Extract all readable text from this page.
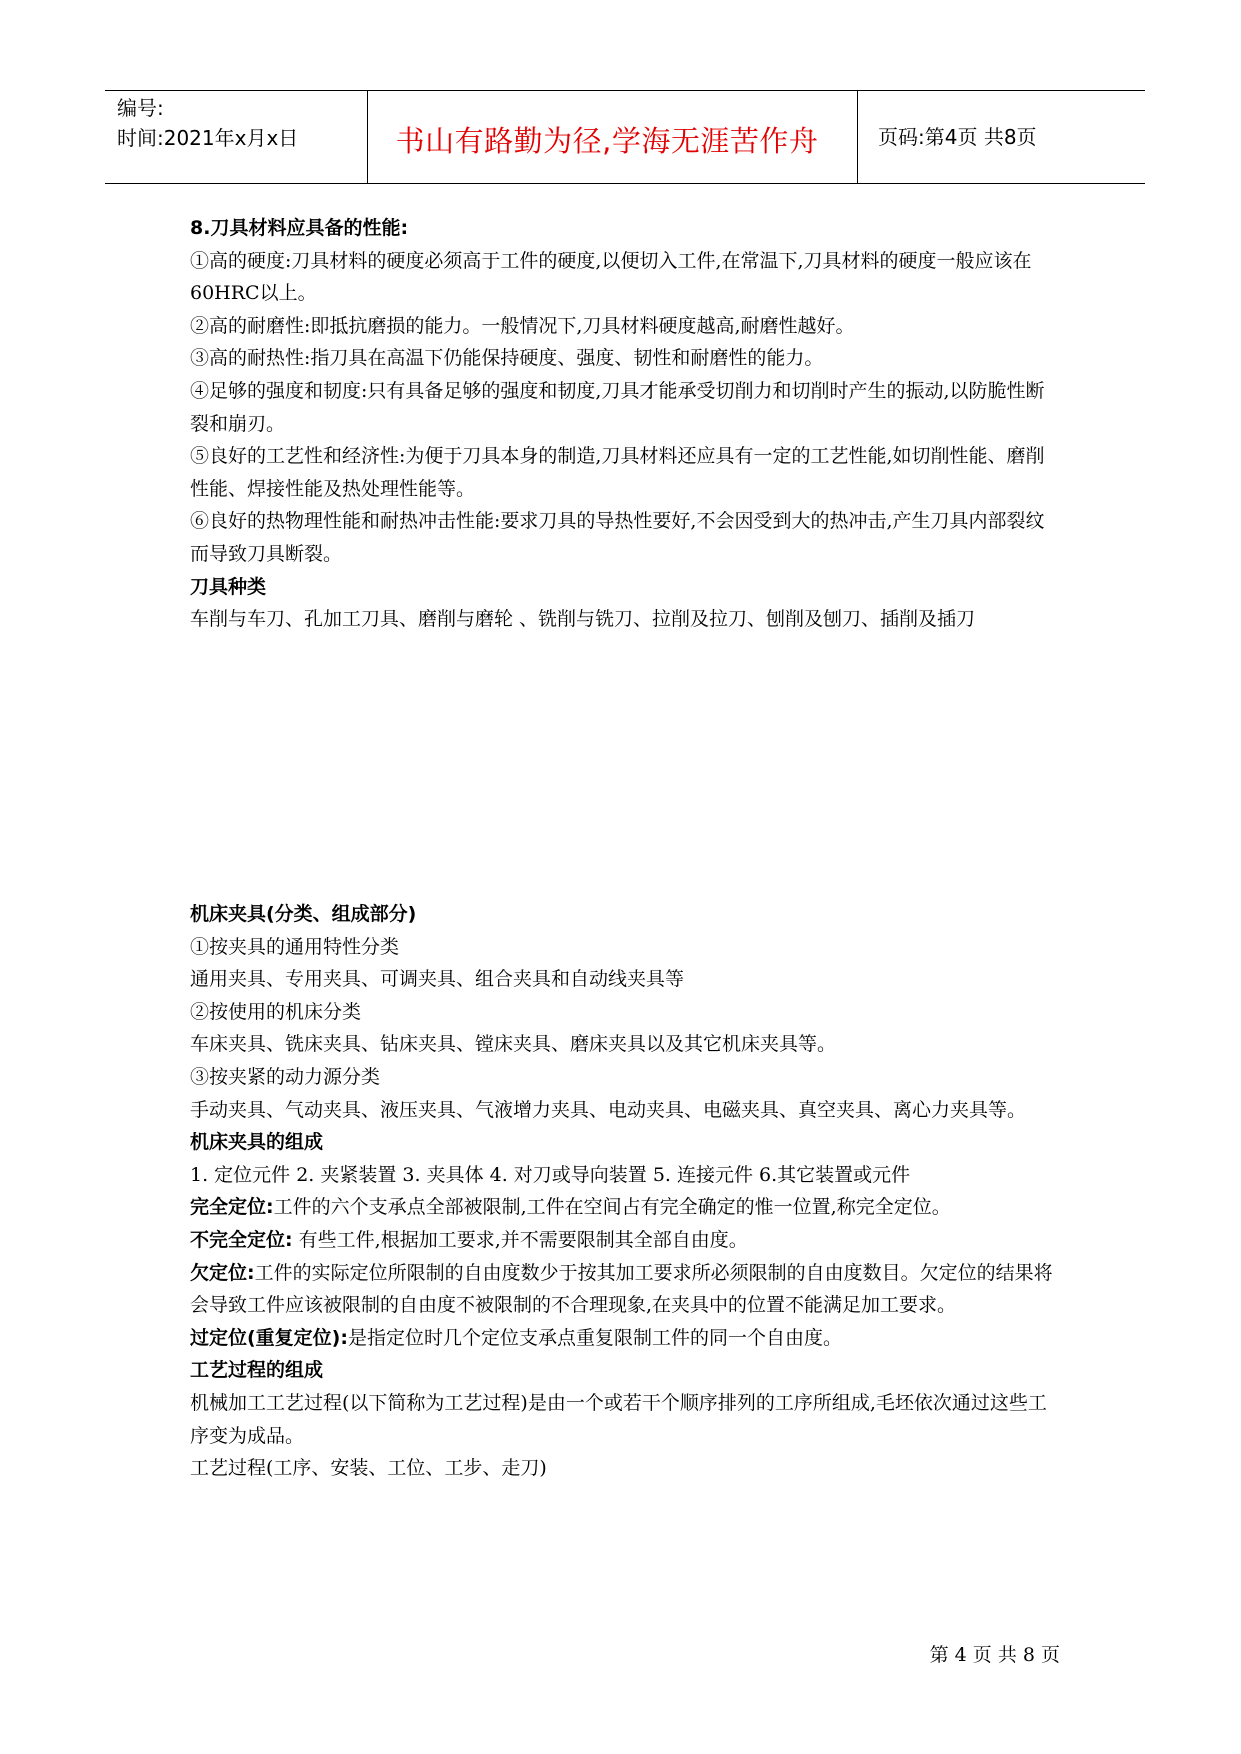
编号:
时间:2021年x月x日	书山有路勤为径,学海无涯苦作舟	页码:第4页 共8页

8.刀具材料应具备的性能:

①高的硬度:刀具材料的硬度必须高于工件的硬度,以便切入工件,在常温下,刀具材料的硬度一般应该在60HRC以上。

②高的耐磨性:即抵抗磨损的能力。一般情况下,刀具材料硬度越高,耐磨性越好。

③高的耐热性:指刀具在高温下仍能保持硬度、强度、韧性和耐磨性的能力。

④足够的强度和韧度:只有具备足够的强度和韧度,刀具才能承受切削力和切削时产生的振动,以防脆性断裂和崩刃。

⑤良好的工艺性和经济性:为便于刀具本身的制造,刀具材料还应具有一定的工艺性能,如切削性能、磨削性能、焊接性能及热处理性能等。

⑥良好的热物理性能和耐热冲击性能:要求刀具的导热性要好,不会因受到大的热冲击,产生刀具内部裂纹而导致刀具断裂。

刀具种类

车削与车刀、孔加工刀具、磨削与磨轮 、铣削与铣刀、拉削及拉刀、刨削及刨刀、插削及插刀

机床夹具(分类、组成部分)

①按夹具的通用特性分类

通用夹具、专用夹具、可调夹具、组合夹具和自动线夹具等

②按使用的机床分类

车床夹具、铣床夹具、钻床夹具、镗床夹具、磨床夹具以及其它机床夹具等。

③按夹紧的动力源分类

手动夹具、气动夹具、液压夹具、气液增力夹具、电动夹具、电磁夹具、真空夹具、离心力夹具等。

机床夹具的组成

1. 定位元件 2. 夹紧装置 3. 夹具体 4. 对刀或导向装置 5. 连接元件 6.其它装置或元件

完全定位:工件的六个支承点全部被限制,工件在空间占有完全确定的惟一位置,称完全定位。

不完全定位: 有些工件,根据加工要求,并不需要限制其全部自由度。

欠定位:工件的实际定位所限制的自由度数少于按其加工要求所必须限制的自由度数目。欠定位的结果将会导致工件应该被限制的自由度不被限制的不合理现象,在夹具中的位置不能满足加工要求。

过定位(重复定位):是指定位时几个定位支承点重复限制工件的同一个自由度。

工艺过程的组成

机械加工工艺过程(以下简称为工艺过程)是由一个或若干个顺序排列的工序所组成,毛坯依次通过这些工序变为成品。

工艺过程(工序、安装、工位、工步、走刀)

第 4 页 共 8 页
